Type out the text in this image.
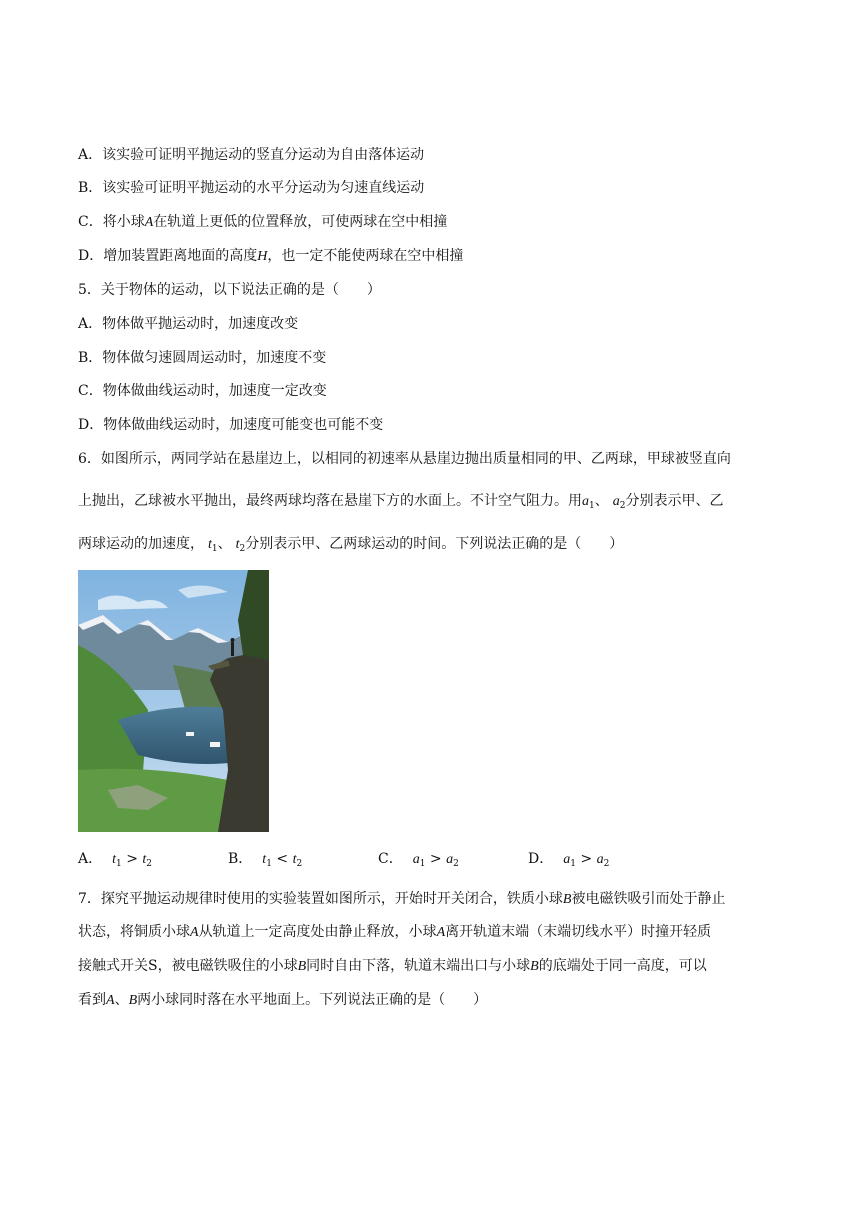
A．该实验可证明平抛运动的竖直分运动为自由落体运动
B．该实验可证明平抛运动的水平分运动为匀速直线运动
C．将小球A在轨道上更低的位置释放，可使两球在空中相撞
D．增加装置距离地面的高度H，也一定不能使两球在空中相撞
5．关于物体的运动，以下说法正确的是（　　）
A．物体做平抛运动时，加速度改变
B．物体做匀速圆周运动时，加速度不变
C．物体做曲线运动时，加速度一定改变
D．物体做曲线运动时，加速度可能变也可能不变
6．如图所示，两同学站在悬崖边上，以相同的初速率从悬崖边抛出质量相同的甲、乙两球，甲球被竖直向
上抛出，乙球被水平抛出，最终两球均落在悬崖下方的水面上。不计空气阻力。用$a_1$、 $a_2$分别表示甲、乙
两球运动的加速度， $t_1$、 $t_2$分别表示甲、乙两球运动的时间。下列说法正确的是（　　）
A． $t_1 > t_2$	B． $t_1 < t_2$	C． $a_1 > a_2$	D． $a_1 > a_2$
7．探究平抛运动规律时使用的实验装置如图所示，开始时开关闭合，铁质小球B被电磁铁吸引而处于静止
状态，将铜质小球A从轨道上一定高度处由静止释放，小球A离开轨道末端（末端切线水平）时撞开轻质
接触式开关S，被电磁铁吸住的小球B同时自由下落，轨道末端出口与小球B的底端处于同一高度，可以
看到A、B两小球同时落在水平地面上。下列说法正确的是（　　）
